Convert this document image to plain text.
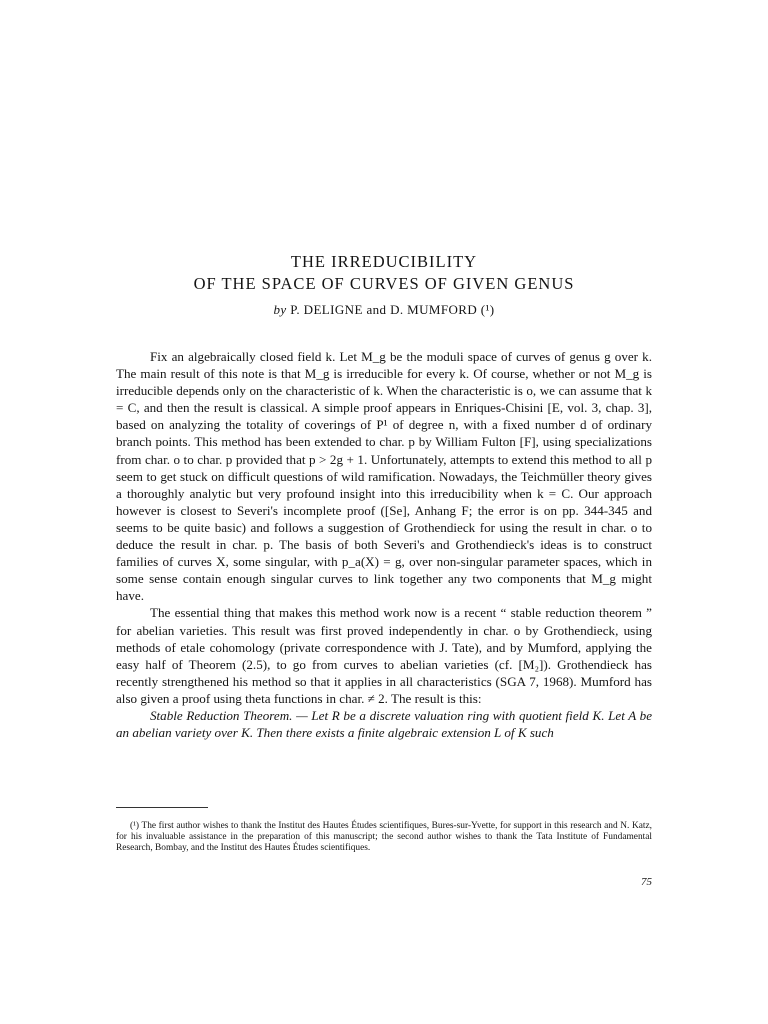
THE IRREDUCIBILITY
OF THE SPACE OF CURVES OF GIVEN GENUS
by P. DELIGNE and D. MUMFORD (¹)

Fix an algebraically closed field k. Let M_g be the moduli space of curves of genus g over k. The main result of this note is that M_g is irreducible for every k. Of course, whether or not M_g is irreducible depends only on the characteristic of k. When the characteristic is o, we can assume that k = C, and then the result is classical. A simple proof appears in Enriques-Chisini [E, vol. 3, chap. 3], based on analyzing the totality of coverings of P¹ of degree n, with a fixed number d of ordinary branch points. This method has been extended to char. p by William Fulton [F], using specializations from char. o to char. p provided that p > 2g + 1. Unfortunately, attempts to extend this method to all p seem to get stuck on difficult questions of wild ramification. Nowadays, the Teichmüller theory gives a thoroughly analytic but very profound insight into this irreducibility when k = C. Our approach however is closest to Severi's incomplete proof ([Se], Anhang F; the error is on pp. 344-345 and seems to be quite basic) and follows a suggestion of Grothendieck for using the result in char. o to deduce the result in char. p. The basis of both Severi's and Grothendieck's ideas is to construct families of curves X, some singular, with p_a(X) = g, over non-singular parameter spaces, which in some sense contain enough singular curves to link together any two components that M_g might have.

The essential thing that makes this method work now is a recent “ stable reduction theorem ” for abelian varieties. This result was first proved independently in char. o by Grothendieck, using methods of etale cohomology (private correspondence with J. Tate), and by Mumford, applying the easy half of Theorem (2.5), to go from curves to abelian varieties (cf. [M₂]). Grothendieck has recently strengthened his method so that it applies in all characteristics (SGA 7, 1968). Mumford has also given a proof using theta functions in char. ≠ 2. The result is this:

Stable Reduction Theorem. — Let R be a discrete valuation ring with quotient field K. Let A be an abelian variety over K. Then there exists a finite algebraic extension L of K such

(¹) The first author wishes to thank the Institut des Hautes Études scientifiques, Bures-sur-Yvette, for support in this research and N. Katz, for his invaluable assistance in the preparation of this manuscript; the second author wishes to thank the Tata Institute of Fundamental Research, Bombay, and the Institut des Hautes Études scientifiques.

75
